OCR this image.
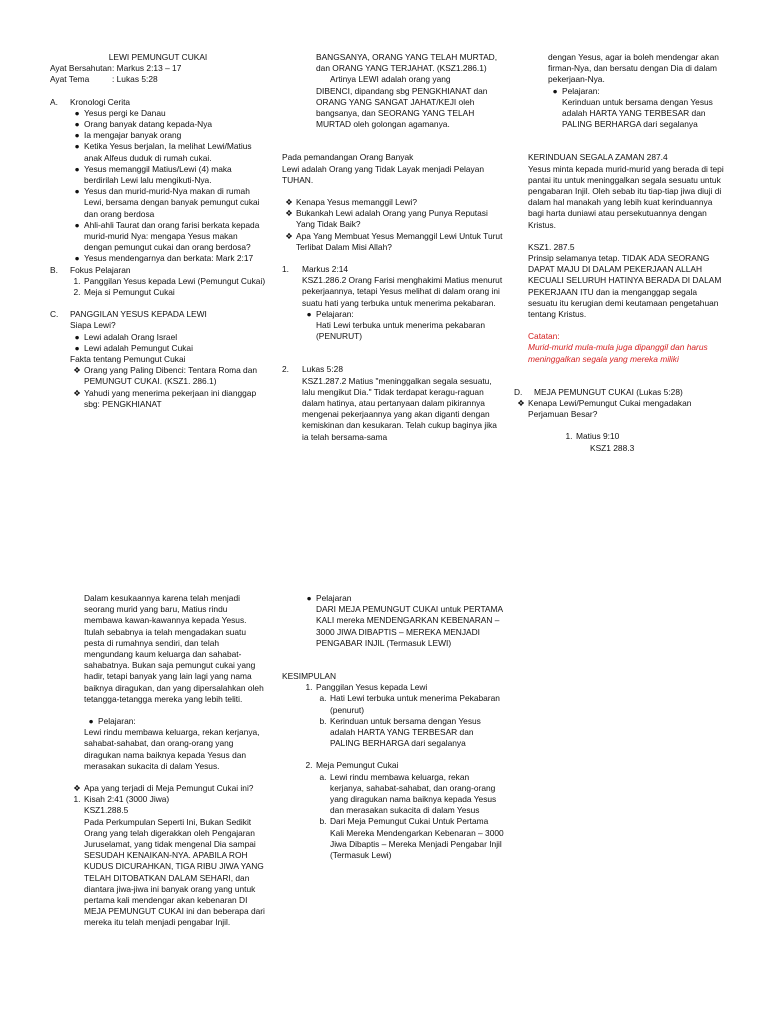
LEWI PEMUNGUT CUKAI

Ayat Bersahutan : Markus 2:13 – 17
Ayat Tema	: Lukas 5:28
A.	Kronologi Cerita
● Yesus pergi ke Danau
● Orang banyak datang kepada-Nya
● Ia mengajar banyak orang
● Ketika Yesus berjalan, Ia melihat Lewi/Matius anak Alfeus duduk di rumah cukai.
● Yesus memanggil Matius/Lewi (4) maka berdirilah Lewi lalu mengikuti-Nya.
● Yesus dan murid-murid-Nya makan di rumah Lewi, bersama dengan banyak pemungut cukai dan orang berdosa
● Ahli-ahli Taurat dan orang farisi berkata kepada murid-murid Nya: mengapa Yesus makan dengan pemungut cukai dan orang berdosa?
● Yesus mendengarnya dan berkata: Mark 2:17
B.	Fokus Pelajaran
1. Panggilan Yesus kepada Lewi (Pemungut Cukai)
2. Meja si Pemungut Cukai
C.	PANGGILAN YESUS KEPADA LEWI

Siapa Lewi?

● Lewi adalah Orang Israel
● Lewi adalah Pemungut Cukai

Fakta tentang Pemungut Cukai

❖ Orang yang Paling Dibenci: Tentara Roma dan PEMUNGUT CUKAI. (KSZ1. 286.1)
❖ Yahudi yang menerima pekerjaan ini dianggap sbg: PENGKHIANAT

Dalam kesukaannya karena telah menjadi seorang murid yang baru, Matius rindu membawa kawan-kawannya kepada Yesus. Itulah sebabnya ia telah mengadakan suatu pesta di rumahnya sendiri, dan telah mengundang kaum keluarga dan sahabat-sahabatnya. Bukan saja pemungut cukai yang hadir, tetapi banyak yang lain lagi yang nama baiknya diragukan, dan yang dipersalahkan oleh tetangga-tetangga mereka yang lebih teliti.

● Pelajaran:

Lewi rindu membawa keluarga, rekan kerjanya, sahabat-sahabat, dan orang-orang yang diragukan nama baiknya kepada Yesus dan merasakan sukacita di dalam Yesus.

❖ Apa yang terjadi di Meja Pemungut Cukai ini?
1. Kisah 2:41 (3000 Jiwa)

KSZ1.288.5

Pada Perkumpulan Seperti Ini, Bukan Sedikit Orang yang telah digerakkan oleh Pengajaran Juruselamat, yang tidak mengenal Dia sampai SESUDAH KENAIKAN-NYA. APABILA ROH KUDUS DICURAHKAN, TIGA RIBU JIWA YANG TELAH DITOBATKAN DALAM SEHARI, dan diantara jiwa-jiwa ini banyak orang yang untuk pertama kali mendengar akan kebenaran DI MEJA PEMUNGUT CUKAI ini dan beberapa dari mereka itu telah menjadi pengabar Injil.

BANGSANYA, ORANG YANG TELAH MURTAD, dan ORANG YANG TERJAHAT. (KSZ1.286.1)

Artinya LEWI adalah orang yang

DIBENCI, dipandang sbg PENGKHIANAT dan ORANG YANG SANGAT JAHAT/KEJI oleh bangsanya, dan SEORANG YANG TELAH MURTAD oleh golongan agamanya.

Pada pemandangan Orang Banyak

Lewi adalah Orang yang Tidak Layak menjadi Pelayan TUHAN.

❖ Kenapa Yesus memanggil Lewi?
❖ Bukankah Lewi adalah Orang yang Punya Reputasi Yang Tidak Baik?
❖ Apa Yang Membuat Yesus Memanggil Lewi Untuk Turut Terlibat Dalam Misi Allah?
1.	Markus 2:14

KSZ1.286.2 Orang Farisi menghakimi Matius menurut pekerjaannya, tetapi Yesus melihat di dalam orang ini suatu hati yang terbuka untuk menerima pekabaran.

● Pelajaran:

Hati Lewi terbuka untuk menerima pekabaran (PENURUT)

2.	Lukas 5:28

KSZ1.287.2 Matius "meninggalkan segala sesuatu, lalu mengikut Dia." Tidak terdapat keragu-raguan dalam hatinya, atau pertanyaan dalam pikirannya mengenai pekerjaannya yang akan diganti dengan kemiskinan dan kesukaran. Telah cukup baginya jika ia telah bersama-sama

● Pelajaran

DARI MEJA PEMUNGUT CUKAI untuk PERTAMA KALI mereka MENDENGARKAN KEBENARAN – 3000 JIWA DIBAPTIS – MEREKA MENJADI PENGABAR INJIL (Termasuk LEWI)

KESIMPULAN

1. Panggilan Yesus kepada Lewi
a. Hati Lewi terbuka untuk menerima Pekabaran (penurut)
b. Kerinduan untuk bersama dengan Yesus adalah HARTA YANG TERBESAR dan PALING BERHARGA dari segalanya
2. Meja Pemungut Cukai
a. Lewi rindu membawa keluarga, rekan kerjanya, sahabat-sahabat, dan orang-orang yang diragukan nama baiknya kepada Yesus dan merasakan sukacita di dalam Yesus
b. Dari Meja Pemungut Cukai Untuk Pertama Kali Mereka Mendengarkan Kebenaran – 3000 Jiwa Dibaptis – Mereka Menjadi Pengabar Injil (Termasuk Lewi)

dengan Yesus, agar ia boleh mendengar akan firman-Nya, dan bersatu dengan Dia di dalam pekerjaan-Nya.

● Pelajaran:

Kerinduan untuk bersama dengan Yesus adalah HARTA YANG TERBESAR dan PALING BERHARGA dari segalanya

KERINDUAN SEGALA ZAMAN 287.4

Yesus minta kepada murid-murid yang berada di tepi pantai itu untuk meninggalkan segala sesuatu untuk pengabaran Injil. Oleh sebab itu tiap-tiap jiwa diuji di dalam hal manakah yang lebih kuat kerinduannya bagi harta duniawi atau persekutuannya dengan Kristus.

KSZ1. 287.5

Prinsip selamanya tetap. TIDAK ADA SEORANG DAPAT MAJU DI DALAM PEKERJAAN ALLAH KECUALI SELURUH HATINYA BERADA DI DALAM PEKERJAAN ITU dan ia menganggap segala sesuatu itu kerugian demi keutamaan pengetahuan tentang Kristus.

Catatan:

Murid-murid mula-mula juga dipanggil dan harus meninggalkan segala yang mereka miliki

D.	MEJA PEMUNGUT CUKAI (Lukas 5:28)
❖ Kenapa Lewi/Pemungut Cukai mengadakan Perjamuan Besar?
1. Matius 9:10

KSZ1 288.3
